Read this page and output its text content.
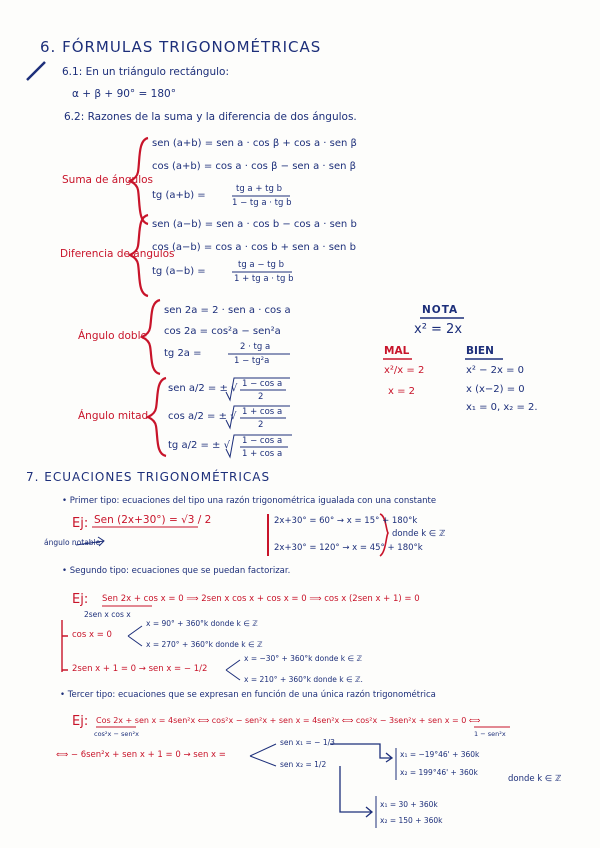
6. FÓRMULAS TRIGONOMÉTRICAS
6.1: En un triángulo rectángulo:
α + β + 90° = 180°
6.2: Razones de la suma y la diferencia de dos ángulos.
Suma de ángulos
sen (a+b) = sen a · cos β + cos a · sen β
cos (a+b) = cos a · cos β − sen a · sen β
tg (a+b) =
tg a + tg b
1 − tg a · tg b
Diferencia de ángulos
sen (a−b) = sen a · cos b − cos a · sen b
cos (a−b) = cos a · cos b + sen a · sen b
tg (a−b) =
tg a − tg b
1 + tg a · tg b
Ángulo doble
sen 2a = 2 · sen a · cos a
cos 2a = cos²a − sen²a
tg 2a =
2 · tg a
1 − tg²a
Ángulo mitad
sen a/2 = ± √ 1 − cos a
2
cos a/2 = ± √ 1 + cos a
2
tg a/2 = ± √ 1 − cos a
1 + cos a
NOTA
x² = 2x
MAL	BIEN
x²/x = 2
x = 2
x² − 2x = 0
x (x−2) = 0
x₁ = 0, x₂ = 2.
7. ECUACIONES TRIGONOMÉTRICAS
• Primer tipo: ecuaciones del tipo una razón trigonométrica igualada con una constante
Ej: Sen (2x+30°) = √3 / 2
ángulo notable
2x+30° = 60° → x = 15° + 180°k
2x+30° = 120° → x = 45° + 180°k
donde k ∈ ℤ
• Segundo tipo: ecuaciones que se puedan factorizar.
Ej: Sen 2x + cos x = 0 ⟹ 2sen x cos x + cos x = 0 ⟹ cos x (2sen x + 1) = 0
2sen x cos x
cos x = 0
x = 90° + 360°k donde k ∈ ℤ
x = 270° + 360°k donde k ∈ ℤ
2sen x + 1 = 0 → sen x = − 1/2
x = −30° + 360°k donde k ∈ ℤ
x = 210° + 360°k donde k ∈ ℤ.
• Tercer tipo: ecuaciones que se expresan en función de una única razón trigonométrica
Ej: Cos 2x + sen x = 4sen²x ⟺ cos²x − sen²x + sen x = 4sen²x ⟺ cos²x − 3sen²x + sen x = 0 ⟺
cos²x − sen²x	1 − sen²x
⟺ − 6sen²x + sen x + 1 = 0 → sen x =
sen x₁ = − 1/3
sen x₂ = 1/2
x₁ = −19°46' + 360k
x₂ = 199°46' + 360k
x₁ = 30 + 360k
x₂ = 150 + 360k
donde k ∈ ℤ
